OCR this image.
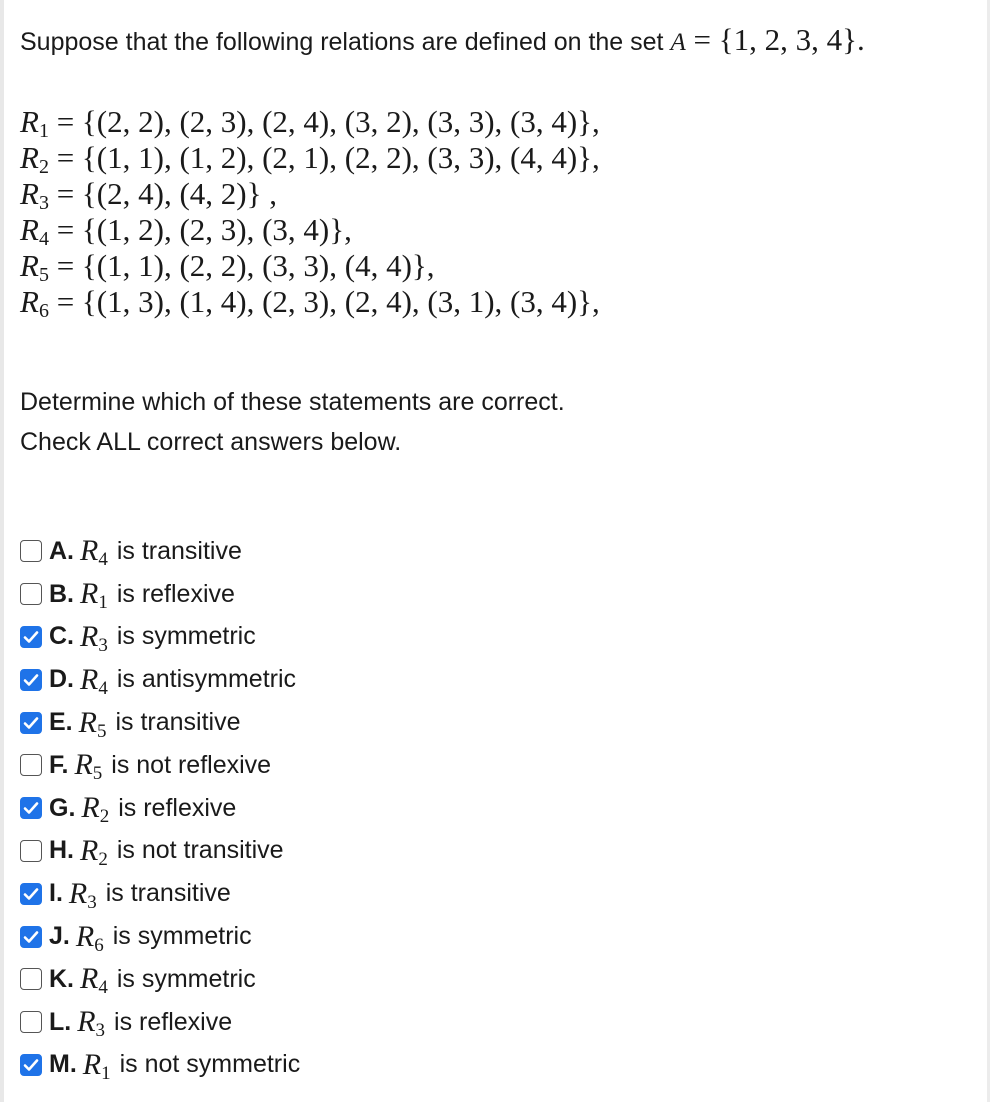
Suppose that the following relations are defined on the set A = {1, 2, 3, 4}.
$R_1 = \{(2$, 2), (2, 3), (2, 4), (3, 2), (3, 3), (3, 4)},
$R_2 = \{(1$, 1), (1, 2), (2, 1), (2, 2), (3, 3), (4, 4)},
$R_3 = \{(2$, 4), (4, 2)} ,
$R_4 = \{(1$, 2), (2, 3), (3, 4)},
$R_5 = \{(1$, 1), (2, 2), (3, 3), (4, 4)},
$R_6 = \{(1$, 3), (1, 4), (2, 3), (2, 4), (3, 1), (3, 4)},
Determine which of these statements are correct.
Check ALL correct answers below.
A. $R_4$ is transitive
B. $R_1$ is reflexive
C. $R_3$ is symmetric
D. $R_4$ is antisymmetric
E. $R_5$ is transitive
F. $R_5$ is not reflexive
G. $R_2$ is reflexive
H. $R_2$ is not transitive
I. $R_3$ is transitive
J. $R_6$ is symmetric
K. $R_4$ is symmetric
L. $R_3$ is reflexive
M. $R_1$ is not symmetric
